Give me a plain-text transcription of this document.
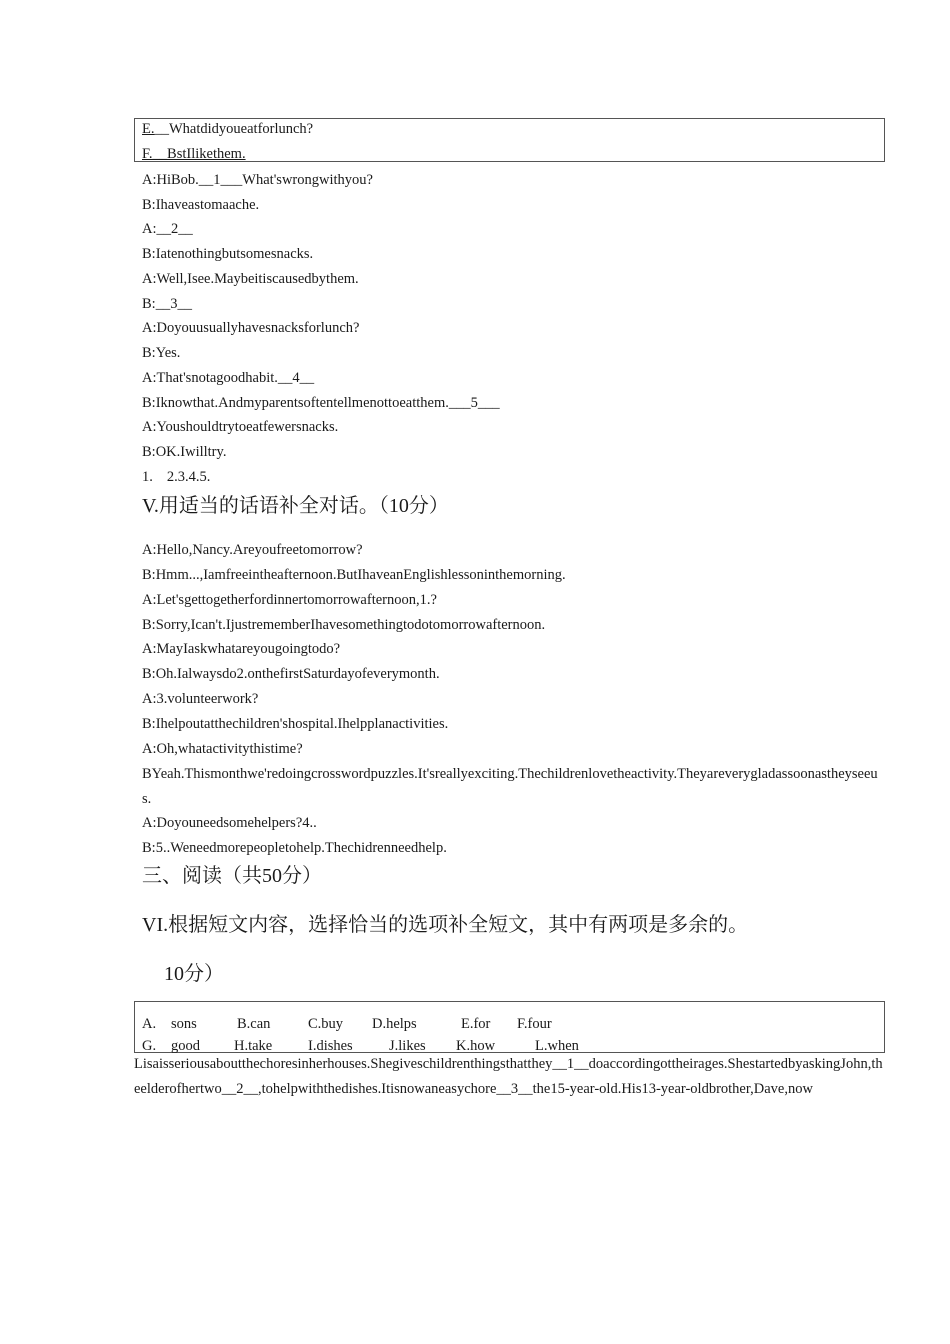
E.__Whatdidyoueatforlunch?
F.__BstIlikethem.
A:HiBob.__1___What'swrongwithyou?
B:Ihaveastomaache.
A:__2__
B:Iatenothingbutsomesnacks.
A:Well,Isee.Maybeitiscausedbythem.
B:__3__
A:Doyouusuallyhavesnacksforlunch?
B:Yes.
A:That'snotagoodhabit.__4__
B:Iknowthat.Andmyparentsoftentellmenottoeatthem.___5___
A:Youshouldtrytoeatfewersnacks.
B:OK.Iwilltry.
1. 2.3.4.5.
V.用适当的话语补全对话。（10分）
A:Hello,Nancy.Areyoufreetomorrow?
B:Hmm...,Iamfreeintheafternoon.ButIhaveanEnglishlessoninthemorning.
A:Let'sgettogetherfordinnertomorrowafternoon,1.?
B:Sorry,Ican't.IjustrememberIhavesomethingtodotomorrowafternoon.
A:MayIaskwhatareyougoingtodo?
B:Oh.Ialwaysdo2.onthefirstSaturdayofeverymonth.
A:3.volunteerwork?
B:Ihelpoutatthechildren'shospital.Ihelpplanactivities.
A:Oh,whatactivitythistime?
BYeah.Thismonthwe'redoingcrosswordpuzzles.It'sreallyexciting.Thechildrenlovetheactivity.Theyareverygladassoonastheyseeus.
A:Doyouneedsomehelpers?4..
B:5..Weneedmorepeopletohelp.Thechidrenneedhelp.
三、阅读（共50分）
VI.根据短文内容，选择恰当的选项补全短文，其中有两项是多余的。
10分）
A. sons	B.can	C.buy D.helps	E.for F.four
G. good H.take I.dishes	J.likes K.how	L.when
Lisaisseriousaboutthechoresinherhouses.Shegiveschildrenthingsthatthey__1__doaccordingottheirages.ShestartedbyaskingJohn,theelderofhertwo__2__,tohelpwiththedishes.Itisnowaneasychore__3__the15-year-old.His13-year-oldbrother,Dave,now
